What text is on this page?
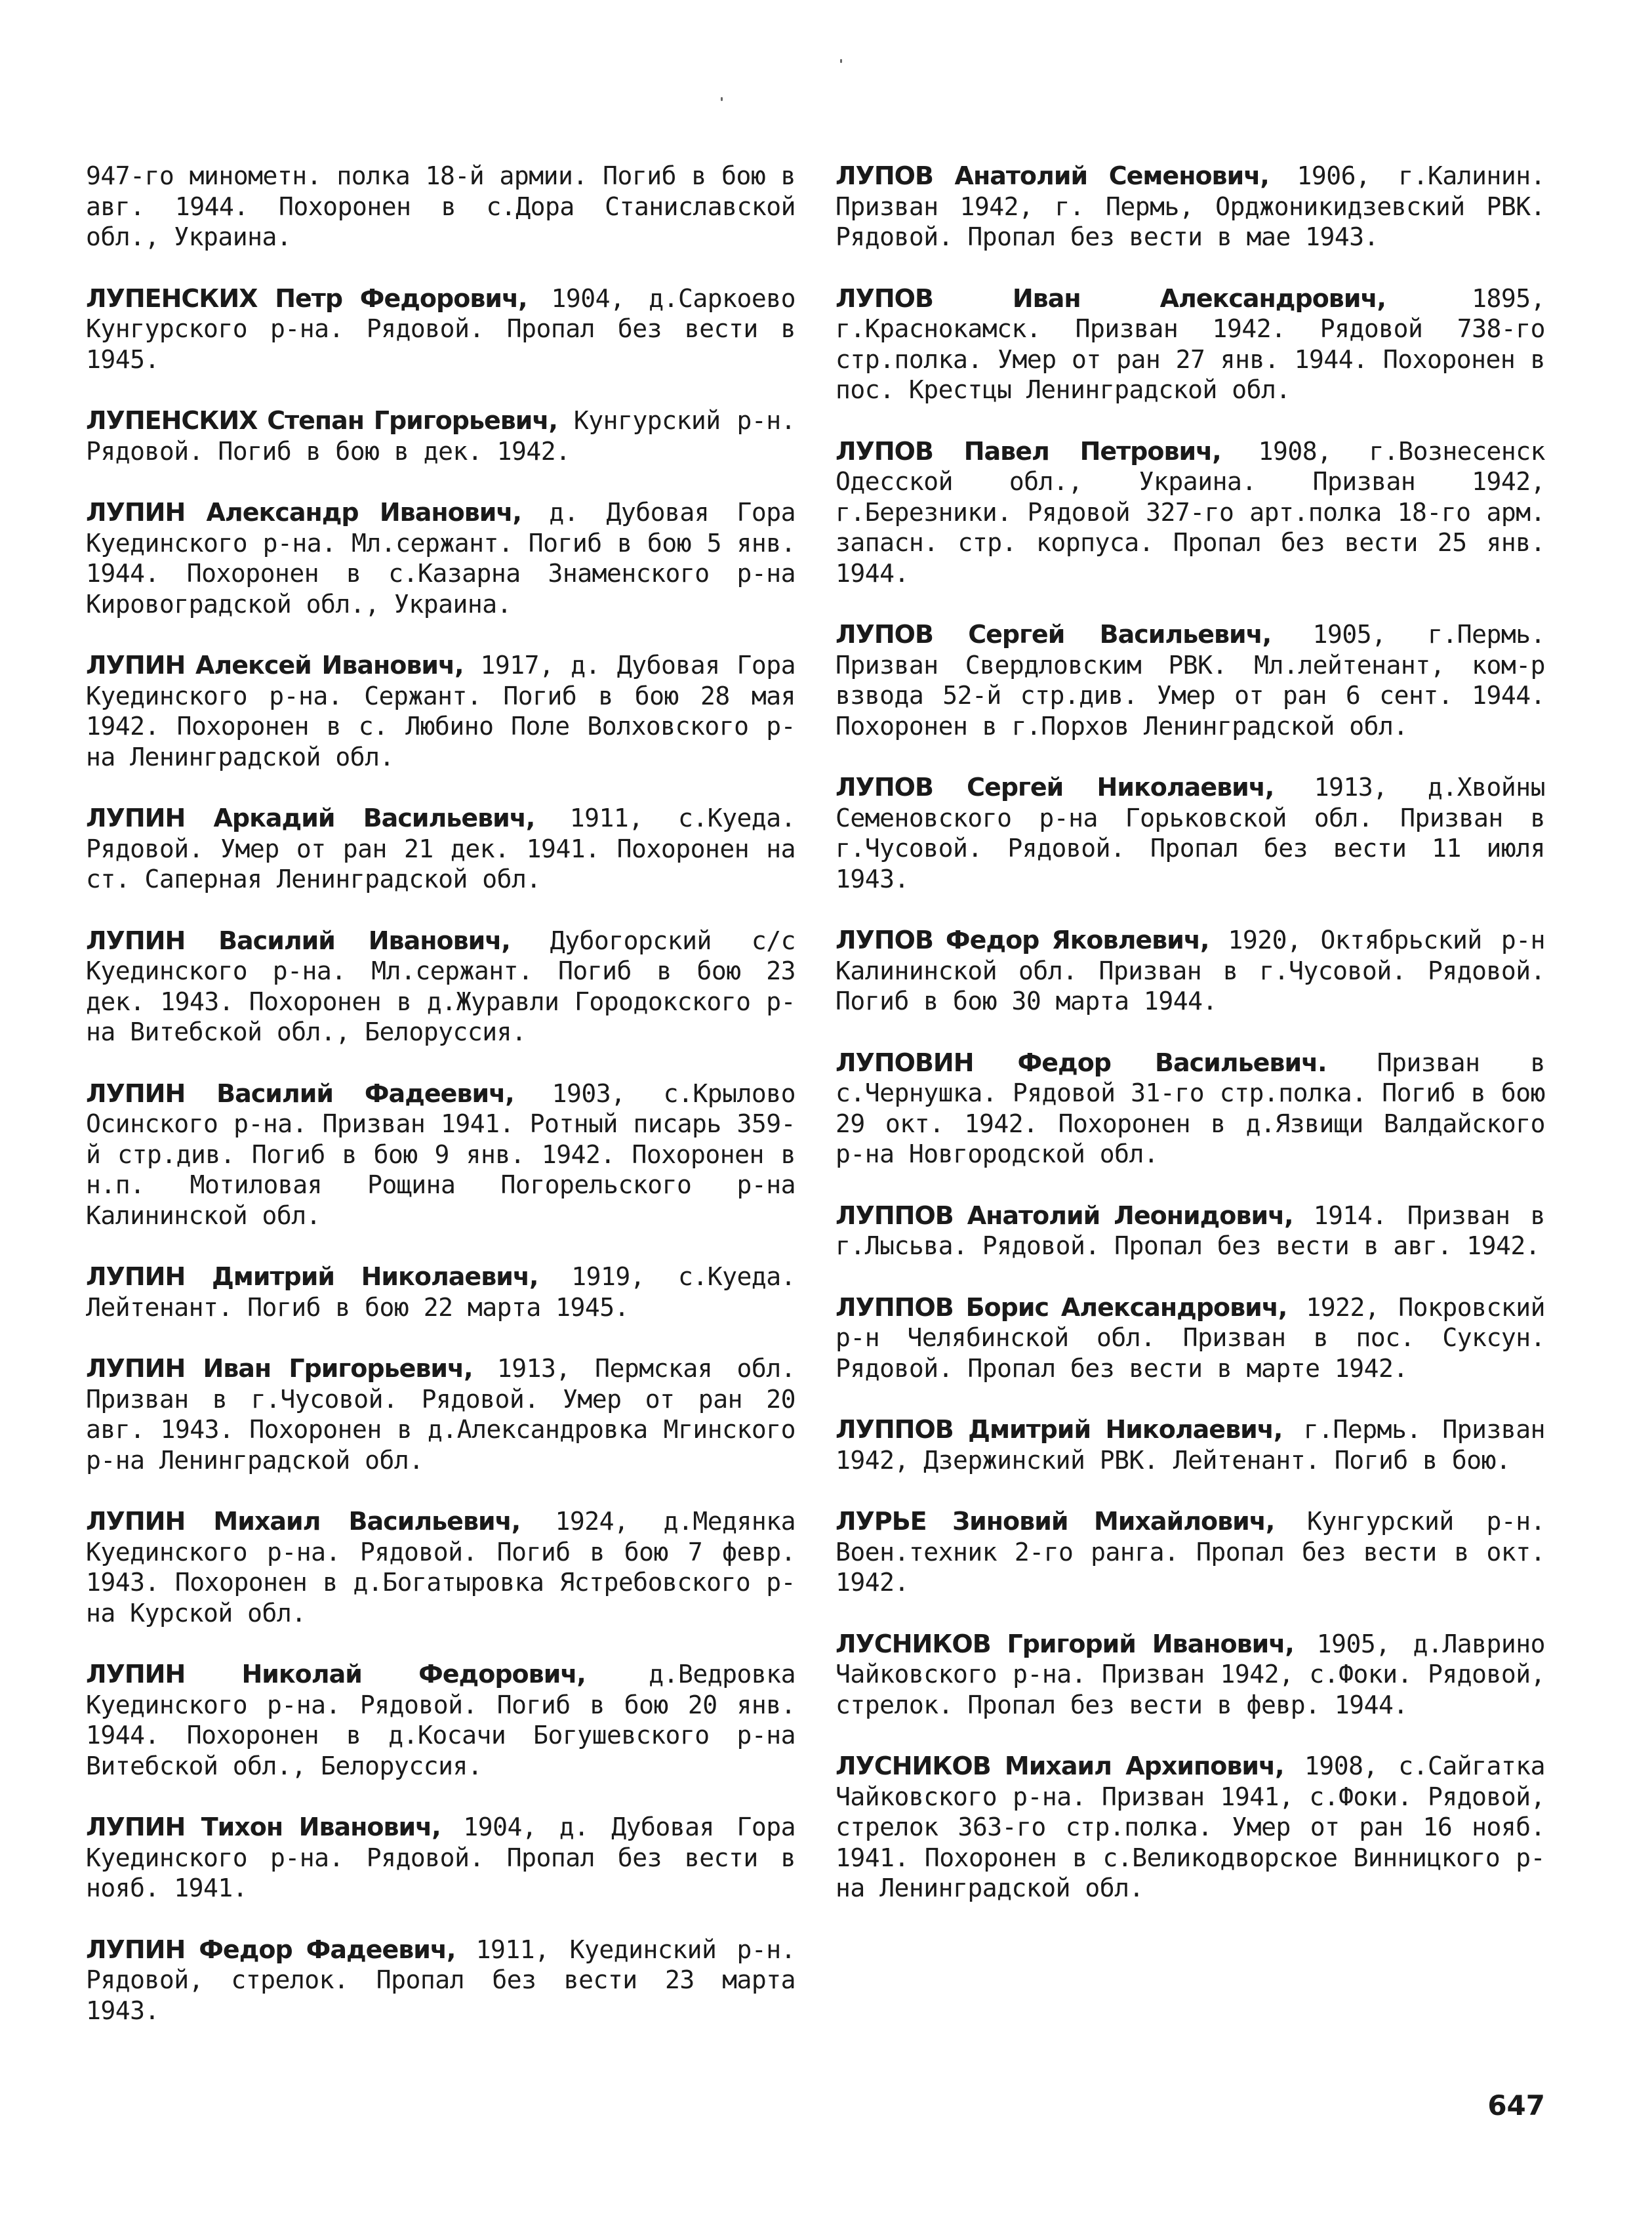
947-го минометн. полка 18-й армии. Погиб в бою в авг. 1944. Похоронен в с.Дора Станиславской обл., Украина.

ЛУПЕНСКИХ Петр Федорович, 1904, д.Саркоево Кунгурского р-на. Рядовой. Пропал без вести в 1945.

ЛУПЕНСКИХ Степан Григорьевич, Кунгурский р-н. Рядовой. Погиб в бою в дек. 1942.

ЛУПИН Александр Иванович, д. Дубовая Гора Куединского р-на. Мл.сержант. Погиб в бою 5 янв. 1944. Похоронен в с.Казарна Знаменского р-на Кировоградской обл., Украина.

ЛУПИН Алексей Иванович, 1917, д. Дубовая Гора Куединского р-на. Сержант. Погиб в бою 28 мая 1942. Похоронен в с. Любино Поле Волховского р-на Ленинградской обл.

ЛУПИН Аркадий Васильевич, 1911, с.Куеда. Рядовой. Умер от ран 21 дек. 1941. Похоронен на ст. Саперная Ленинградской обл.

ЛУПИН Василий Иванович, Дубогорский с/с Куединского р-на. Мл.сержант. Погиб в бою 23 дек. 1943. Похоронен в д.Журавли Городокского р-на Витебской обл., Белоруссия.

ЛУПИН Василий Фадеевич, 1903, с.Крылово Осинского р-на. Призван 1941. Ротный писарь 359-й стр.див. Погиб в бою 9 янв. 1942. Похоронен в н.п. Мотиловая Рощина Погорельского р-на Калининской обл.

ЛУПИН Дмитрий Николаевич, 1919, с.Куеда. Лейтенант. Погиб в бою 22 марта 1945.

ЛУПИН Иван Григорьевич, 1913, Пермская обл. Призван в г.Чусовой. Рядовой. Умер от ран 20 авг. 1943. Похоронен в д.Александровка Мгинского р-на Ленинградской обл.

ЛУПИН Михаил Васильевич, 1924, д.Медянка Куединского р-на. Рядовой. Погиб в бою 7 февр. 1943. Похоронен в д.Богатыровка Ястребовского р-на Курской обл.

ЛУПИН Николай Федорович,	д.Ведровка Куединского р-на. Рядовой. Погиб в бою 20 янв. 1944. Похоронен в д.Косачи Богушевского р-на Витебской обл., Белоруссия.

ЛУПИН Тихон Иванович, 1904, д. Дубовая Гора Куединского р-на. Рядовой. Пропал без вести в нояб. 1941.

ЛУПИН Федор Фадеевич, 1911, Куединский р-н. Рядовой, стрелок. Пропал без вести 23 марта 1943.

ЛУПОВ Анатолий Семенович, 1906, г.Калинин. Призван 1942, г. Пермь, Орджоникидзевский РВК. Рядовой. Пропал без вести в мае 1943.

ЛУПОВ Иван Александрович,	1895, г.Краснокамск. Призван 1942. Рядовой 738-го стр.полка. Умер от ран 27 янв. 1944. Похоронен в пос. Крестцы Ленинградской обл.

ЛУПОВ Павел Петрович, 1908, г.Вознесенск Одесской обл., Украина. Призван 1942, г.Березники. Рядовой 327-го арт.полка 18-го арм. запасн. стр. корпуса. Пропал без вести 25 янв. 1944.

ЛУПОВ Сергей Васильевич, 1905, г.Пермь. Призван Свердловским РВК. Мл.лейтенант, ком-р взвода 52-й стр.див. Умер от ран 6 сент. 1944. Похоронен в г.Порхов Ленинградской обл.

ЛУПОВ Сергей Николаевич, 1913, д.Хвойны Семеновского р-на Горьковской обл. Призван в г.Чусовой. Рядовой. Пропал без вести 11 июля 1943.

ЛУПОВ Федор Яковлевич, 1920, Октябрьский р-н Калининской обл. Призван в г.Чусовой. Рядовой. Погиб в бою 30 марта 1944.

ЛУПОВИН Федор Васильевич. Призван в с.Чернушка. Рядовой 31-го стр.полка. Погиб в бою 29 окт. 1942. Похоронен в д.Язвищи Валдайского р-на Новгородской обл.

ЛУППОВ Анатолий Леонидович, 1914. Призван в г.Лысьва. Рядовой. Пропал без вести в авг. 1942.

ЛУППОВ Борис Александрович, 1922, Покровский р-н Челябинской обл. Призван в пос. Суксун. Рядовой. Пропал без вести в марте 1942.

ЛУППОВ Дмитрий Николаевич, г.Пермь. Призван 1942, Дзержинский РВК. Лейтенант. Погиб в бою.

ЛУРЬЕ Зиновий Михайлович, Кунгурский р-н. Воен.техник 2-го ранга. Пропал без вести в окт. 1942.

ЛУСНИКОВ Григорий Иванович, 1905, д.Лаврино Чайковского р-на. Призван 1942, с.Фоки. Рядовой, стрелок. Пропал без вести в февр. 1944.

ЛУСНИКОВ Михаил Архипович, 1908, с.Сайгатка Чайковского р-на. Призван 1941, с.Фоки. Рядовой, стрелок 363-го стр.полка. Умер от ран 16 нояб. 1941. Похоронен в с.Великодворское Винницкого р-на Ленинградской обл.

647
